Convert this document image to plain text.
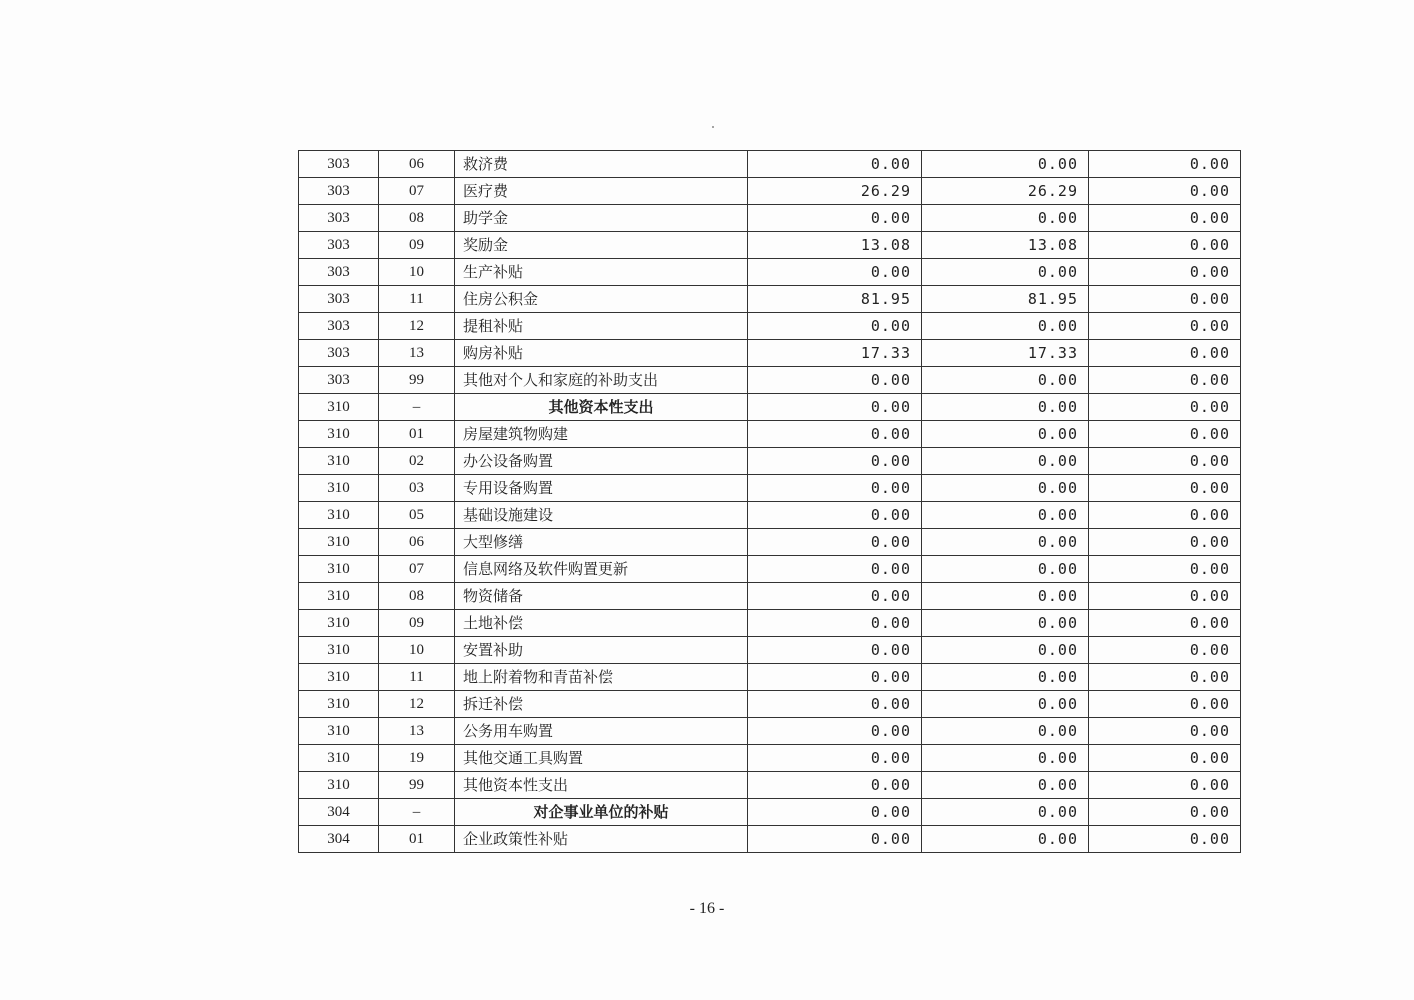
303	06	救济费	0.00	0.00	0.00
303	07	医疗费	26.29	26.29	0.00
303	08	助学金	0.00	0.00	0.00
303	09	奖励金	13.08	13.08	0.00
303	10	生产补贴	0.00	0.00	0.00
303	11	住房公积金	81.95	81.95	0.00
303	12	提租补贴	0.00	0.00	0.00
303	13	购房补贴	17.33	17.33	0.00
303	99	其他对个人和家庭的补助支出	0.00	0.00	0.00
310	–	其他资本性支出	0.00	0.00	0.00
310	01	房屋建筑物购建	0.00	0.00	0.00
310	02	办公设备购置	0.00	0.00	0.00
310	03	专用设备购置	0.00	0.00	0.00
310	05	基础设施建设	0.00	0.00	0.00
310	06	大型修缮	0.00	0.00	0.00
310	07	信息网络及软件购置更新	0.00	0.00	0.00
310	08	物资储备	0.00	0.00	0.00
310	09	土地补偿	0.00	0.00	0.00
310	10	安置补助	0.00	0.00	0.00
310	11	地上附着物和青苗补偿	0.00	0.00	0.00
310	12	拆迁补偿	0.00	0.00	0.00
310	13	公务用车购置	0.00	0.00	0.00
310	19	其他交通工具购置	0.00	0.00	0.00
310	99	其他资本性支出	0.00	0.00	0.00
304	–	对企事业单位的补贴	0.00	0.00	0.00
304	01	企业政策性补贴	0.00	0.00	0.00
- 16 -
